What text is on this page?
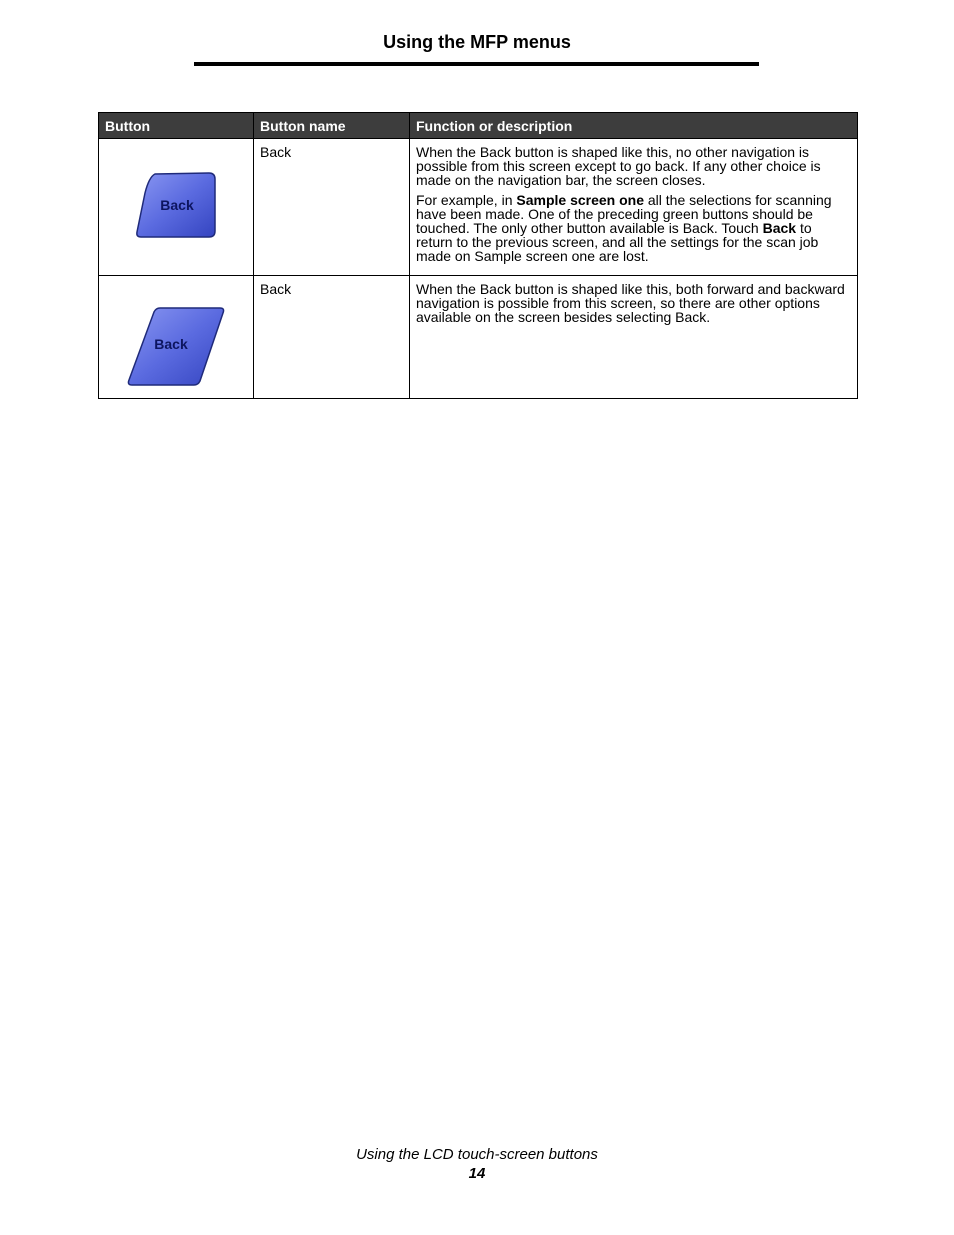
Using the MFP menus
Button	Button name	Function or description

Back	Back	When the Back button is shaped like this, no other navigation is possible from this screen except to go back. If any other choice is made on the navigation bar, the screen closes.

For example, in Sample screen one all the selections for scanning have been made. One of the preceding green buttons should be touched. The only other button available is Back. Touch Back to return to the previous screen, and all the settings for the scan job made on Sample screen one are lost.

Back	Back	When the Back button is shaped like this, both forward and backward navigation is possible from this screen, so there are other options available on the screen besides selecting Back.

Using the LCD touch-screen buttons
14
